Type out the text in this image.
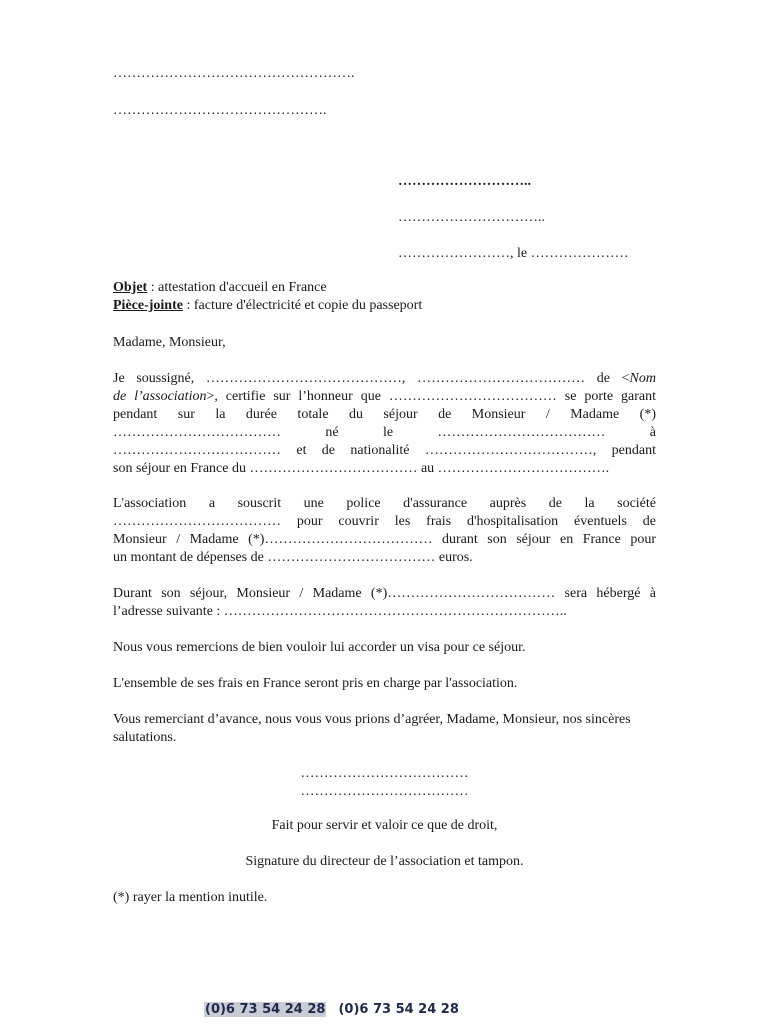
…………………………………………….
……………………………………….
………………………..
…………………………..
……………………, le …………………
Objet : attestation d'accueil en France
Pièce-jointe : facture d'électricité et copie du passeport
Madame, Monsieur,
Je soussigné, ……………………………………, ……………………………… de <Nom
de l’association>, certifie sur l’honneur que ……………………………… se porte garant
pendant sur la durée totale du séjour de Monsieur / Madame (*)
……………………………… né le ……………………………… à
……………………………… et de nationalité ………………………………, pendant
son séjour en France du ……………………………… au ……………………………….
L'association a souscrit une police d'assurance auprès de la société
……………………………… pour couvrir les frais d'hospitalisation éventuels de
Monsieur / Madame (*)……………………………… durant son séjour en France pour
un montant de dépenses de ……………………………… euros.
Durant son séjour, Monsieur / Madame (*)……………………………… sera hébergé à
l’adresse suivante : ………………………………………………………………..
Nous vous remercions de bien vouloir lui accorder un visa pour ce séjour.
L'ensemble de ses frais en France seront pris en charge par l'association.
Vous remerciant d’avance, nous vous vous prions d’agréer, Madame, Monsieur, nos sincères salutations.
………………………………
………………………………
Fait pour servir et valoir ce que de droit,
Signature du directeur de l’association et tampon.
(*) rayer la mention inutile.
(0)6 73 54 24 28 (0)6 73 54 24 28
